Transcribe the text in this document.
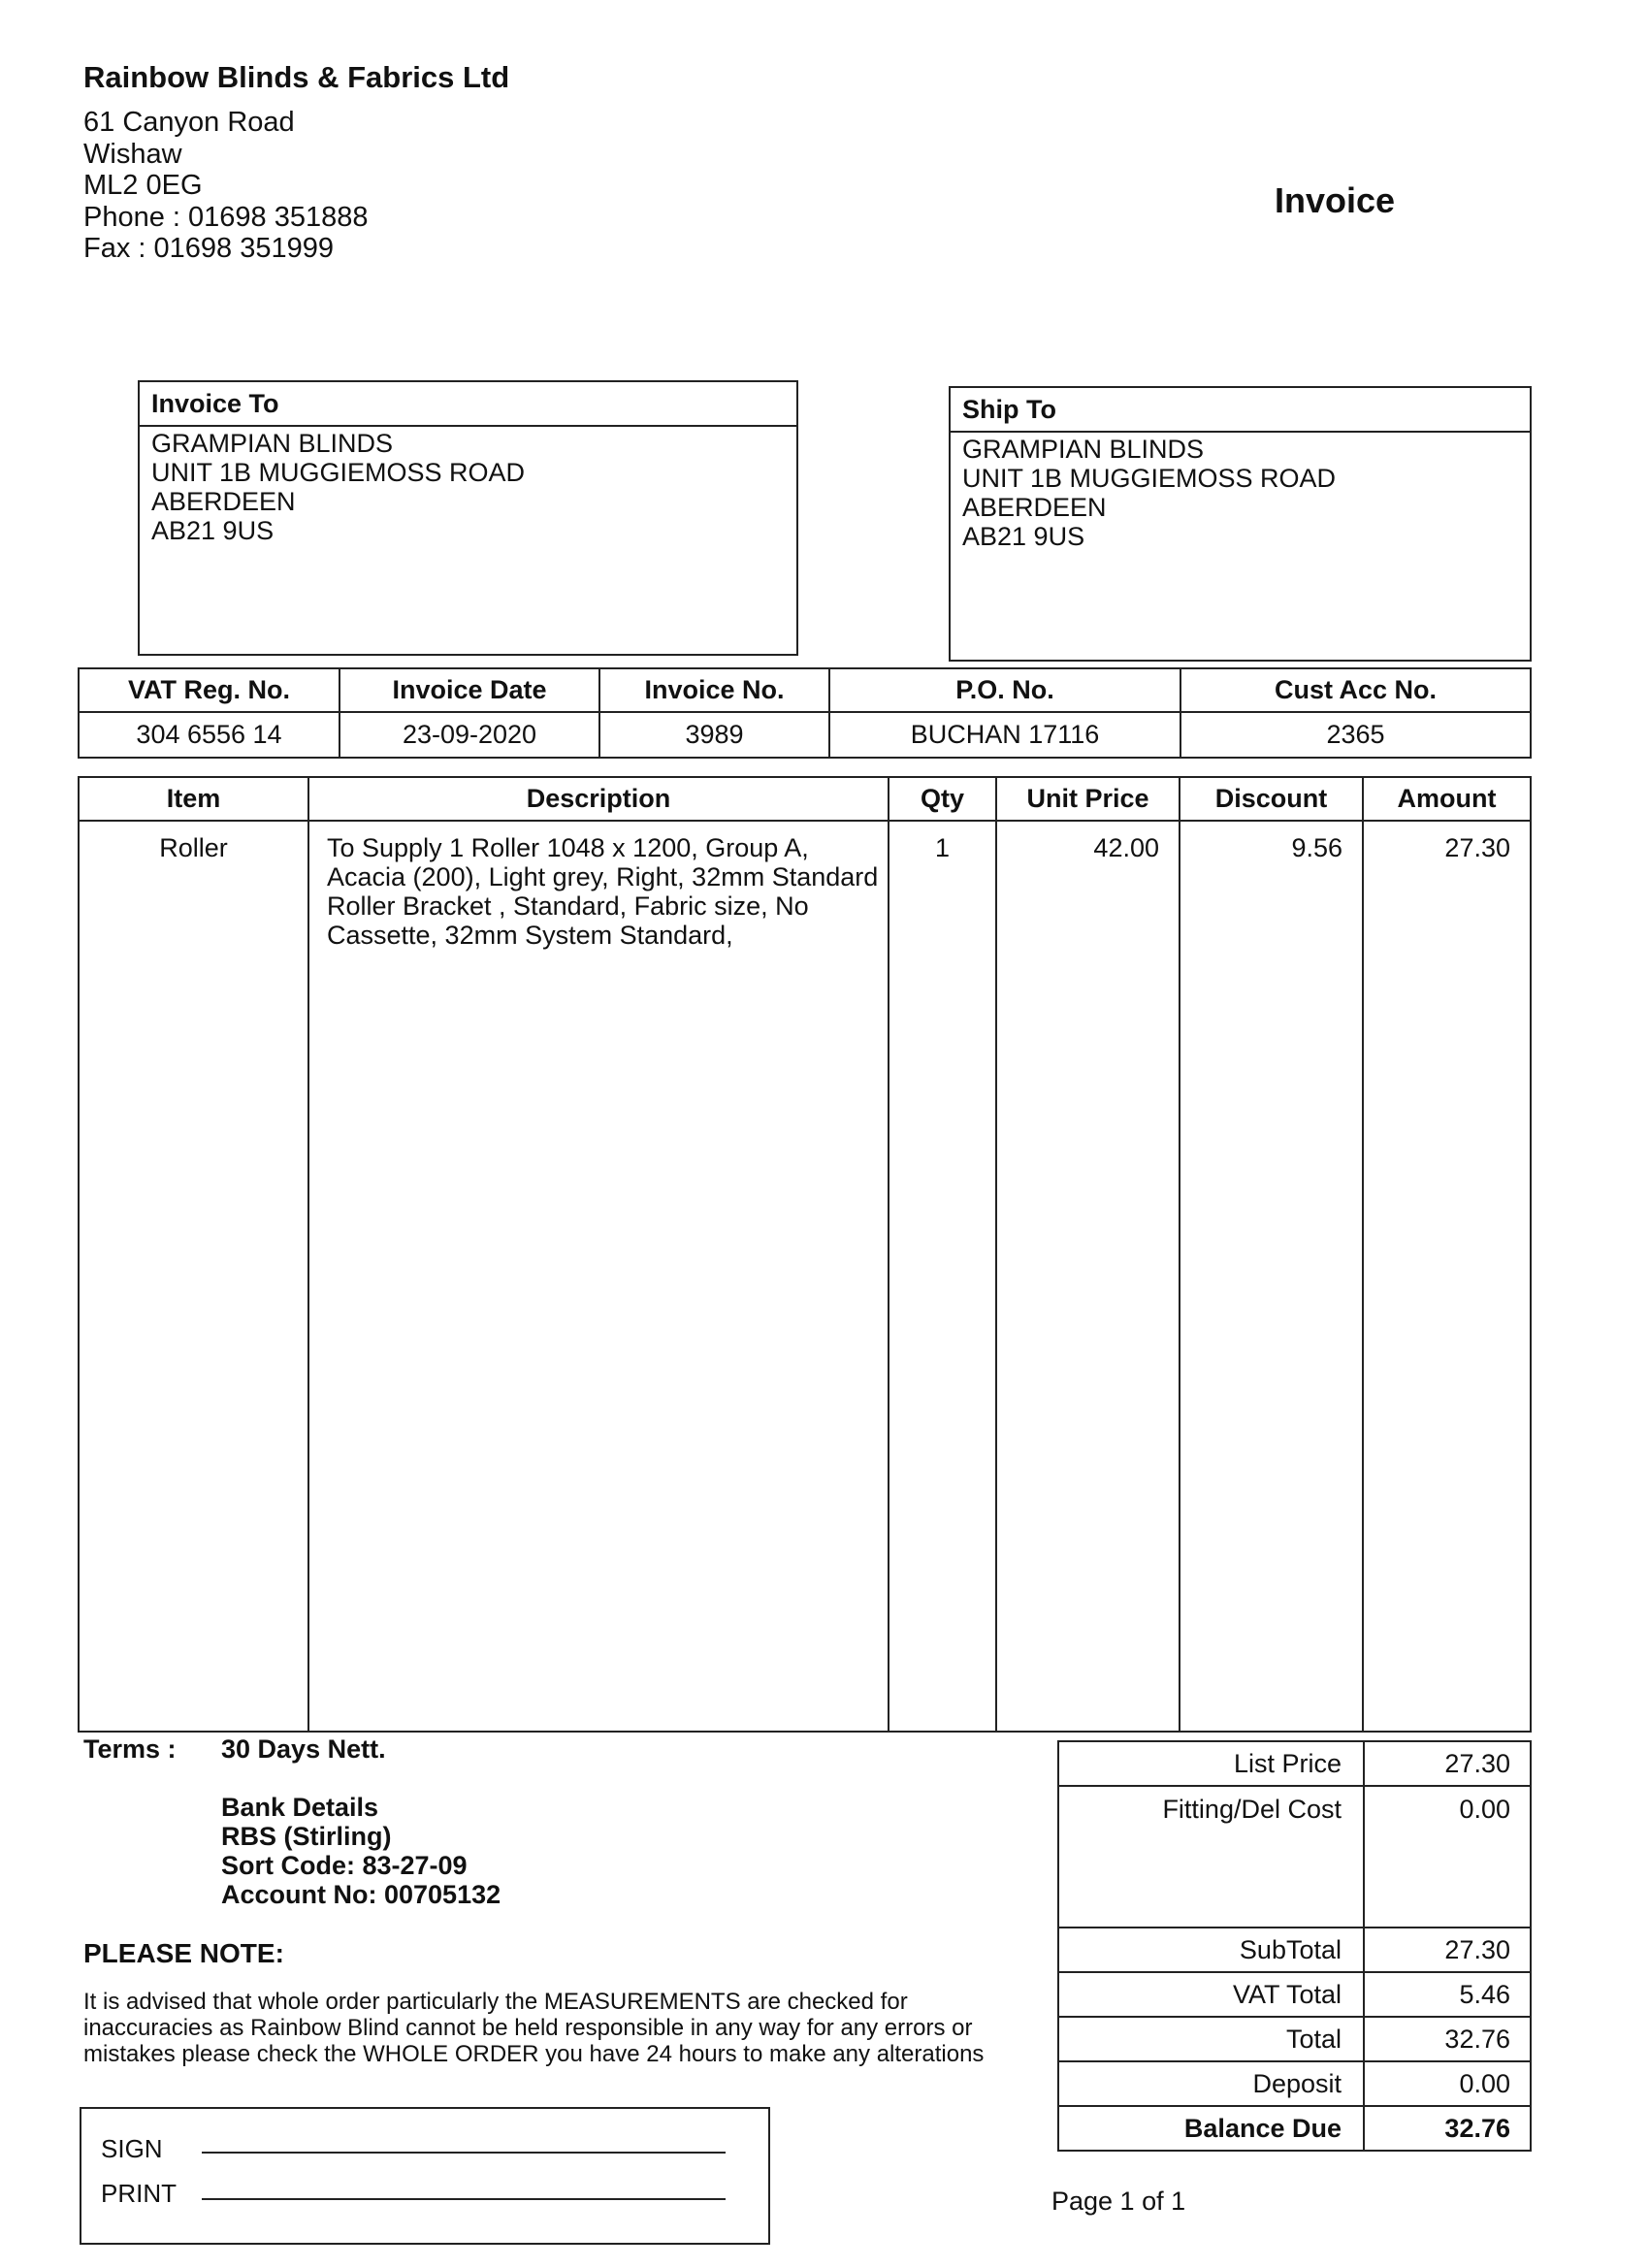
Rainbow Blinds & Fabrics Ltd
61 Canyon Road
Wishaw
ML2 0EG
Phone : 01698 351888
Fax : 01698 351999
Invoice
Invoice To
GRAMPIAN BLINDS
UNIT 1B MUGGIEMOSS ROAD
ABERDEEN
AB21 9US
Ship To
GRAMPIAN BLINDS
UNIT 1B MUGGIEMOSS ROAD
ABERDEEN
AB21 9US
VAT Reg. No.	Invoice Date	Invoice No.	P.O. No.	Cust Acc No.
304 6556 14	23-09-2020	3989	BUCHAN 17116	2365
Item	Description	Qty	Unit Price	Discount	Amount
Roller	To Supply 1 Roller 1048 x 1200, Group A,
Acacia (200), Light grey, Right, 32mm Standard
Roller Bracket , Standard, Fabric size, No
Cassette, 32mm System Standard,	1	42.00	9.56	27.30
Terms : 30 Days Nett.
Bank Details
RBS (Stirling)
Sort Code: 83-27-09
Account No: 00705132
PLEASE NOTE:
It is advised that whole order particularly the MEASUREMENTS are checked for
inaccuracies as Rainbow Blind cannot be held responsible in any way for any errors or
mistakes please check the WHOLE ORDER you have 24 hours to make any alterations
List Price	27.30
Fitting/Del Cost	0.00
SubTotal	27.30
VAT Total	5.46
Total	32.76
Deposit	0.00
Balance Due	32.76
SIGN
PRINT	Page 1 of 1
